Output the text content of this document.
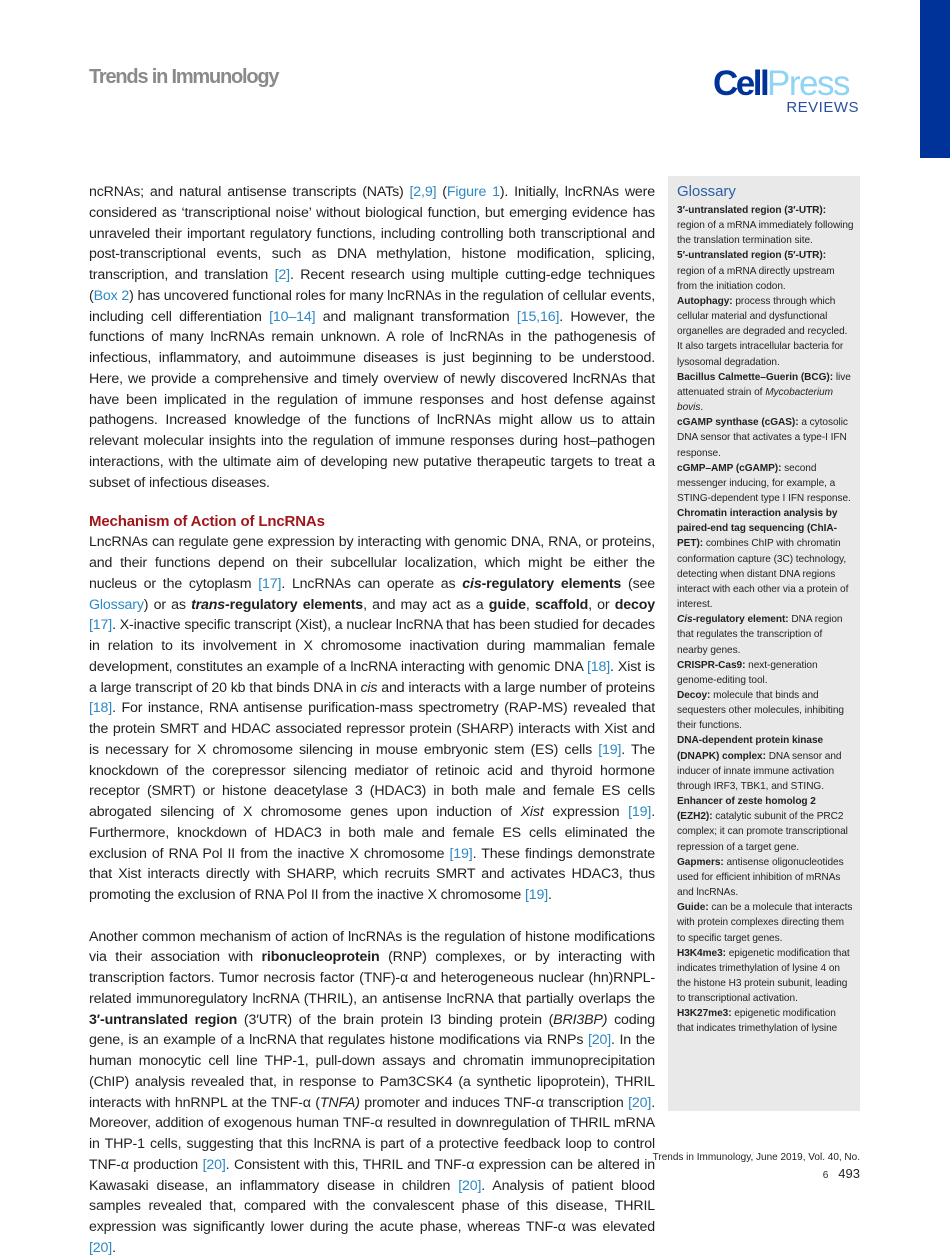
Trends in Immunology	Cell Press
REVIEWS

ncRNAs; and natural antisense transcripts (NATs) [2,9] (Figure 1). Initially, lncRNAs were considered as ‘transcriptional noise’ without biological function, but emerging evidence has unraveled their important regulatory functions, including controlling both transcriptional and post-transcriptional events, such as DNA methylation, histone modification, splicing, transcription, and translation [2]. Recent research using multiple cutting-edge techniques (Box 2) has uncovered functional roles for many lncRNAs in the regulation of cellular events, including cell differentiation [10–14] and malignant transformation [15,16]. However, the functions of many lncRNAs remain unknown. A role of lncRNAs in the pathogenesis of infectious, inflammatory, and autoimmune diseases is just beginning to be understood. Here, we provide a comprehensive and timely overview of newly discovered lncRNAs that have been implicated in the regulation of immune responses and host defense against pathogens. Increased knowledge of the functions of lncRNAs might allow us to attain relevant molecular insights into the regulation of immune responses during host–pathogen interactions, with the ultimate aim of developing new putative therapeutic targets to treat a subset of infectious diseases.

Mechanism of Action of LncRNAs

LncRNAs can regulate gene expression by interacting with genomic DNA, RNA, or proteins, and their functions depend on their subcellular localization, which might be either the nucleus or the cytoplasm [17]. LncRNAs can operate as cis-regulatory elements (see Glossary) or as trans-regulatory elements, and may act as a guide, scaffold, or decoy [17]. X-inactive specific transcript (Xist), a nuclear lncRNA that has been studied for decades in relation to its involvement in X chromosome inactivation during mammalian female development, constitutes an example of a lncRNA interacting with genomic DNA [18]. Xist is a large transcript of 20 kb that binds DNA in cis and interacts with a large number of proteins [18]. For instance, RNA antisense purification-mass spectrometry (RAP-MS) revealed that the protein SMRT and HDAC associated repressor protein (SHARP) interacts with Xist and is necessary for X chromosome silencing in mouse embryonic stem (ES) cells [19]. The knockdown of the corepressor silencing mediator of retinoic acid and thyroid hormone receptor (SMRT) or histone deacetylase 3 (HDAC3) in both male and female ES cells abrogated silencing of X chromosome genes upon induction of Xist expression [19]. Furthermore, knockdown of HDAC3 in both male and female ES cells eliminated the exclusion of RNA Pol II from the inactive X chromosome [19]. These findings demonstrate that Xist interacts directly with SHARP, which recruits SMRT and activates HDAC3, thus promoting the exclusion of RNA Pol II from the inactive X chromosome [19].

Another common mechanism of action of lncRNAs is the regulation of histone modifications via their association with ribonucleoprotein (RNP) complexes, or by interacting with transcription factors. Tumor necrosis factor (TNF)-α and heterogeneous nuclear (hn)RNPL-related immunoregulatory lncRNA (THRIL), an antisense lncRNA that partially overlaps the 3′-untranslated region (3′UTR) of the brain protein I3 binding protein (BRI3BP) coding gene, is an example of a lncRNA that regulates histone modifications via RNPs [20]. In the human monocytic cell line THP-1, pull-down assays and chromatin immunoprecipitation (ChIP) analysis revealed that, in response to Pam3CSK4 (a synthetic lipoprotein), THRIL interacts with hnRNPL at the TNF-α (TNFA) promoter and induces TNF-α transcription [20]. Moreover, addition of exogenous human TNF-α resulted in downregulation of THRIL mRNA in THP-1 cells, suggesting that this lncRNA is part of a protective feedback loop to control TNF-α production [20]. Consistent with this, THRIL and TNF-α expression can be altered in Kawasaki disease, an inflammatory disease in children [20]. Analysis of patient blood samples revealed that, compared with the convalescent phase of this disease, THRIL expression was significantly lower during the acute phase, whereas TNF-α was elevated [20].

Glossary

3′-untranslated region (3′-UTR): region of a mRNA immediately following the translation termination site.

5′-untranslated region (5′-UTR): region of a mRNA directly upstream from the initiation codon.

Autophagy: process through which cellular material and dysfunctional organelles are degraded and recycled. It also targets intracellular bacteria for lysosomal degradation.

Bacillus Calmette–Guerin (BCG): live attenuated strain of Mycobacterium bovis.

cGAMP synthase (cGAS): a cytosolic DNA sensor that activates a type-I IFN response.

cGMP–AMP (cGAMP): second messenger inducing, for example, a STING-dependent type I IFN response.

Chromatin interaction analysis by paired-end tag sequencing (ChIA-PET): combines ChIP with chromatin conformation capture (3C) technology, detecting when distant DNA regions interact with each other via a protein of interest.

Cis-regulatory element: DNA region that regulates the transcription of nearby genes.

CRISPR-Cas9: next-generation genome-editing tool.

Decoy: molecule that binds and sequesters other molecules, inhibiting their functions.

DNA-dependent protein kinase (DNAPK) complex: DNA sensor and inducer of innate immune activation through IRF3, TBK1, and STING.

Enhancer of zeste homolog 2 (EZH2): catalytic subunit of the PRC2 complex; it can promote transcriptional repression of a target gene.

Gapmers: antisense oligonucleotides used for efficient inhibition of mRNAs and lncRNAs.

Guide: can be a molecule that interacts with protein complexes directing them to specific target genes.

H3K4me3: epigenetic modification that indicates trimethylation of lysine 4 on the histone H3 protein subunit, leading to transcriptional activation.

H3K27me3: epigenetic modification that indicates trimethylation of lysine

Trends in Immunology, June 2019, Vol. 40, No. 6 493
